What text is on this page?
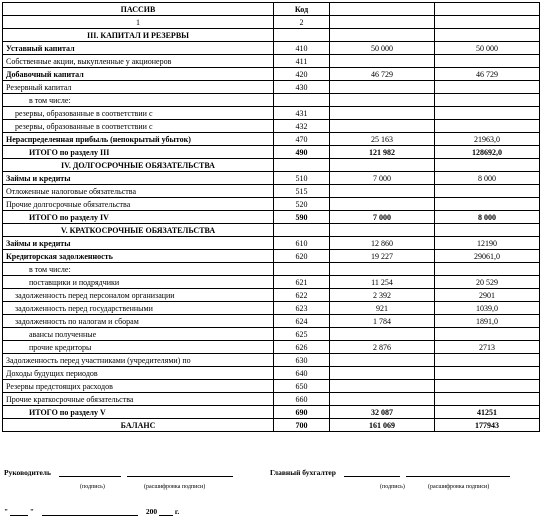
ПАССИВ	Код		
1	2		
III. КАПИТАЛ И РЕЗЕРВЫ			
Уставный капитал	410	50 000	50 000
Собственные акции, выкупленные у акционеров	411		
Добавочный капитал	420	46 729	46 729
Резервный капитал	430		
в том числе:			
резервы, образованные в соответствии с	431		
резервы, образованные в соответствии с	432		
Нераспределенная прибыль (непокрытый убыток)	470	25 163	21963,0
ИТОГО по разделу III	490	121 982	128692,0
IV. ДОЛГОСРОЧНЫЕ ОБЯЗАТЕЛЬСТВА			
Займы и кредиты	510	7 000	8 000
Отложенные налоговые обязательства	515		
Прочие долгосрочные обязательства	520		
ИТОГО по разделу IV	590	7 000	8 000
V. КРАТКОСРОЧНЫЕ ОБЯЗАТЕЛЬСТВА			
Займы и кредиты	610	12 860	12190
Кредиторская задолженность	620	19 227	29061,0
в том числе:			
поставщики и подрядчики	621	11 254	20 529
задолженность перед персоналом организации	622	2 392	2901
задолженность перед государственными	623	921	1039,0
задолженность по налогам и сборам	624	1 784	1891,0
авансы полученные	625		
прочие кредиторы	626	2 876	2713
Задолженность перед участниками (учредителями) по	630		
Доходы будущих периодов	640		
Резервы предстоящих расходов	650		
Прочие краткосрочные обязательства	660		
ИТОГО по разделу V	690	32 087	41251
БАЛАНС	700	161 069	177943
Руководитель
(подпись)	(расшифровка подписи)
Главный бухгалтер
(подпись)	(расшифровка подписи)
"	"	200 г.
